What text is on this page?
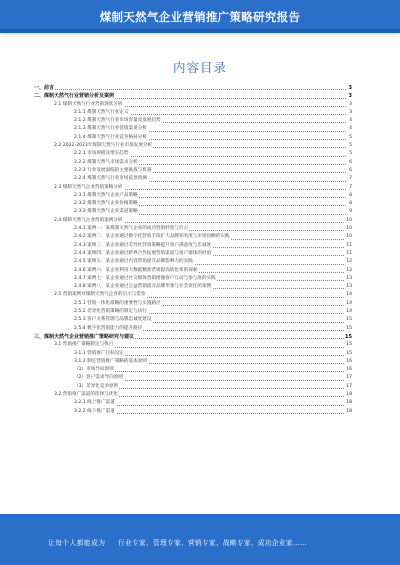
煤制天然气企业营销推广策略研究报告
内容目录
一、前言	3
二、煤制天然气行业营销分析及案例	3
2.1 煤制天然气行业营销现状分析	3
2.1.1 煤制天然气行业定义	3
2.1.2 煤制天然气行业市场容量及发展趋势	4
2.1.3 煤制天然气行业营销渠道分析	4
2.1.4 煤制天然气行业竞争格局分析	5
2.2 2022-2023年煤制天然气行业市场发展分析	5
2.2.1 市场规模及增长趋势	5
2.2.2 煤制天然气市场需求分析	6
2.2.3 行业发展面临的主要挑战与机遇	6
2.2.4 煤制天然气行业市场前景预测	7
2.3 煤制天然气企业营销策略分析	7
2.3.1 煤制天然气企业产品策略	8
2.3.2 煤制天然气企业价格策略	8
2.3.3 煤制天然气企业渠道策略	9
2.4 煤制天然气企业营销案例分析	10
2.4.1 案例一：某煤制天然气企业的成功营销经验与启示	10
2.4.2 案例二：某企业通过数字化营销手段扩大品牌知名度与市场份额的实践	10
2.4.3 案例三：某企业通过差异化营销策略提升客户满意度与忠诚度	11
2.4.4 案例四：某企业通过跨界合作拓展营销渠道与客户群体的经验	11
2.4.5 案例五：某企业通过内容营销提升品牌影响力的实践	12
2.4.6 案例六：某企业利用大数据精准营销提高转化率的探索	12
2.4.7 案例七：某企业通过社交媒体营销增强客户互动与参与度的实践	13
2.4.8 案例八：某企业通过公益营销提升品牌形象与社会责任的案例	13
2.5 营销案例对煤制天然气企业的启示与借鉴	14
2.5.1 营销一体化战略的重要性与实施路径	14
2.5.2 差异化营销策略的制定与执行	14
2.5.3 客户关系管理与品牌忠诚度建设	15
2.5.4 数字化营销能力的提升路径	15
三、煤制天然气企业营销推广策略研究与建议	15
3.1 营销推广策略制定与执行	15
3.1.1 营销推广目标设定	15
3.1.2 制定营销推广策略的基本原则	16
（1）市场导向原则	16
（2）客户需求导向原则	17
（3）差异化竞争原则	17
3.2 营销推广渠道的选择与优化	18
3.2.1 线上推广渠道	18
3.2.2 线下推广渠道	18
让每个人都能成为 行业专家、管理专家、营销专家、战略专家、成功企业家……
